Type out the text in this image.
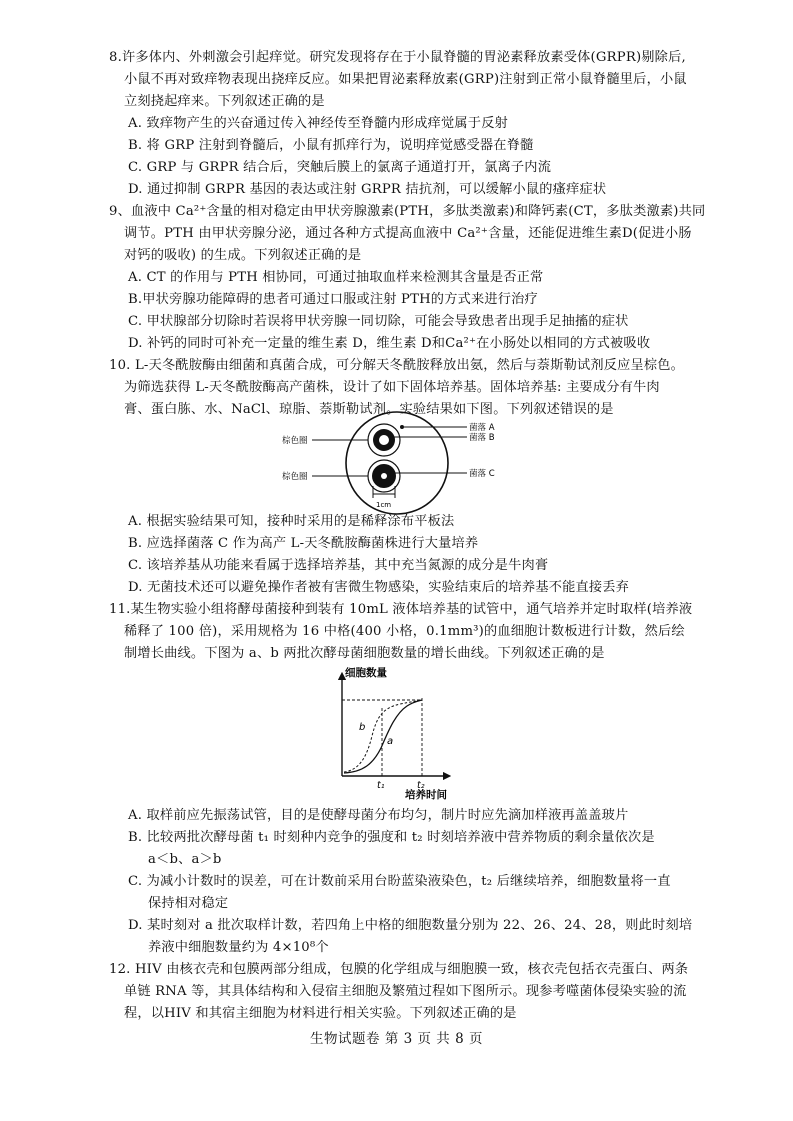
8.许多体内、外刺激会引起痒觉。研究发现将存在于小鼠脊髓的胃泌素释放素受体(GRPR)剔除后,
小鼠不再对致痒物表现出挠痒反应。如果把胃泌素释放素(GRP)注射到正常小鼠脊髓里后，小鼠
立刻挠起痒来。下列叙述正确的是
A. 致痒物产生的兴奋通过传入神经传至脊髓内形成痒觉属于反射
B. 将 GRP 注射到脊髓后，小鼠有抓痒行为，说明痒觉感受器在脊髓
C. GRP 与 GRPR 结合后，突触后膜上的氯离子通道打开，氯离子内流
D. 通过抑制 GRPR 基因的表达或注射 GRPR 拮抗剂，可以缓解小鼠的瘙痒症状
9、血液中 Ca²⁺含量的相对稳定由甲状旁腺激素(PTH，多肽类激素)和降钙素(CT，多肽类激素)共同
调节。PTH 由甲状旁腺分泌，通过各种方式提高血液中 Ca²⁺含量，还能促进维生素D(促进小肠
对钙的吸收) 的生成。下列叙述正确的是
A. CT 的作用与 PTH 相协同，可通过抽取血样来检测其含量是否正常
B.甲状旁腺功能障碍的患者可通过口服或注射 PTH的方式来进行治疗
C. 甲状腺部分切除时若误将甲状旁腺一同切除，可能会导致患者出现手足抽搐的症状
D. 补钙的同时可补充一定量的维生素 D，维生素 D和Ca²⁺在小肠处以相同的方式被吸收
10. L-天冬酰胺酶由细菌和真菌合成，可分解天冬酰胺释放出氨，然后与萘斯勒试剂反应呈棕色。
为筛选获得 L-天冬酰胺酶高产菌株，设计了如下固体培养基。固体培养基: 主要成分有牛肉
膏、蛋白胨、水、NaCl、琼脂、萘斯勒试剂。实验结果如下图。下列叙述错误的是
1cm
棕色圈
棕色圈
菌落 A
菌落 B
菌落 C
A. 根据实验结果可知，接种时采用的是稀释涂布平板法
B. 应选择菌落 C 作为高产 L-天冬酰胺酶菌株进行大量培养
C. 该培养基从功能来看属于选择培养基，其中充当氮源的成分是牛肉膏
D. 无菌技术还可以避免操作者被有害微生物感染，实验结束后的培养基不能直接丢弃
11.某生物实验小组将酵母菌接种到装有 10mL 液体培养基的试管中，通气培养并定时取样(培养液
稀释了 100 倍)，采用规格为 16 中格(400 小格，0.1mm³)的血细胞计数板进行计数，然后绘
制增长曲线。下图为 a、b 两批次酵母菌细胞数量的增长曲线。下列叙述正确的是
细胞数量
培养时间
b
a
t₁	t₂
A. 取样前应先振荡试管，目的是使酵母菌分布均匀，制片时应先滴加样液再盖盖玻片
B. 比较两批次酵母菌 t₁ 时刻种内竞争的强度和 t₂ 时刻培养液中营养物质的剩余量依次是
a＜b、a＞b
C. 为减小计数时的误差，可在计数前采用台盼蓝染液染色，t₂ 后继续培养，细胞数量将一直
保持相对稳定
D. 某时刻对 a 批次取样计数，若四角上中格的细胞数量分别为 22、26、24、28，则此时刻培
养液中细胞数量约为 4×10⁸个
12. HIV 由核衣壳和包膜两部分组成，包膜的化学组成与细胞膜一致，核衣壳包括衣壳蛋白、两条
单链 RNA 等，其具体结构和入侵宿主细胞及繁殖过程如下图所示。现参考噬菌体侵染实验的流
程，以HIV 和其宿主细胞为材料进行相关实验。下列叙述正确的是
生物试题卷 第 3 页 共 8 页
